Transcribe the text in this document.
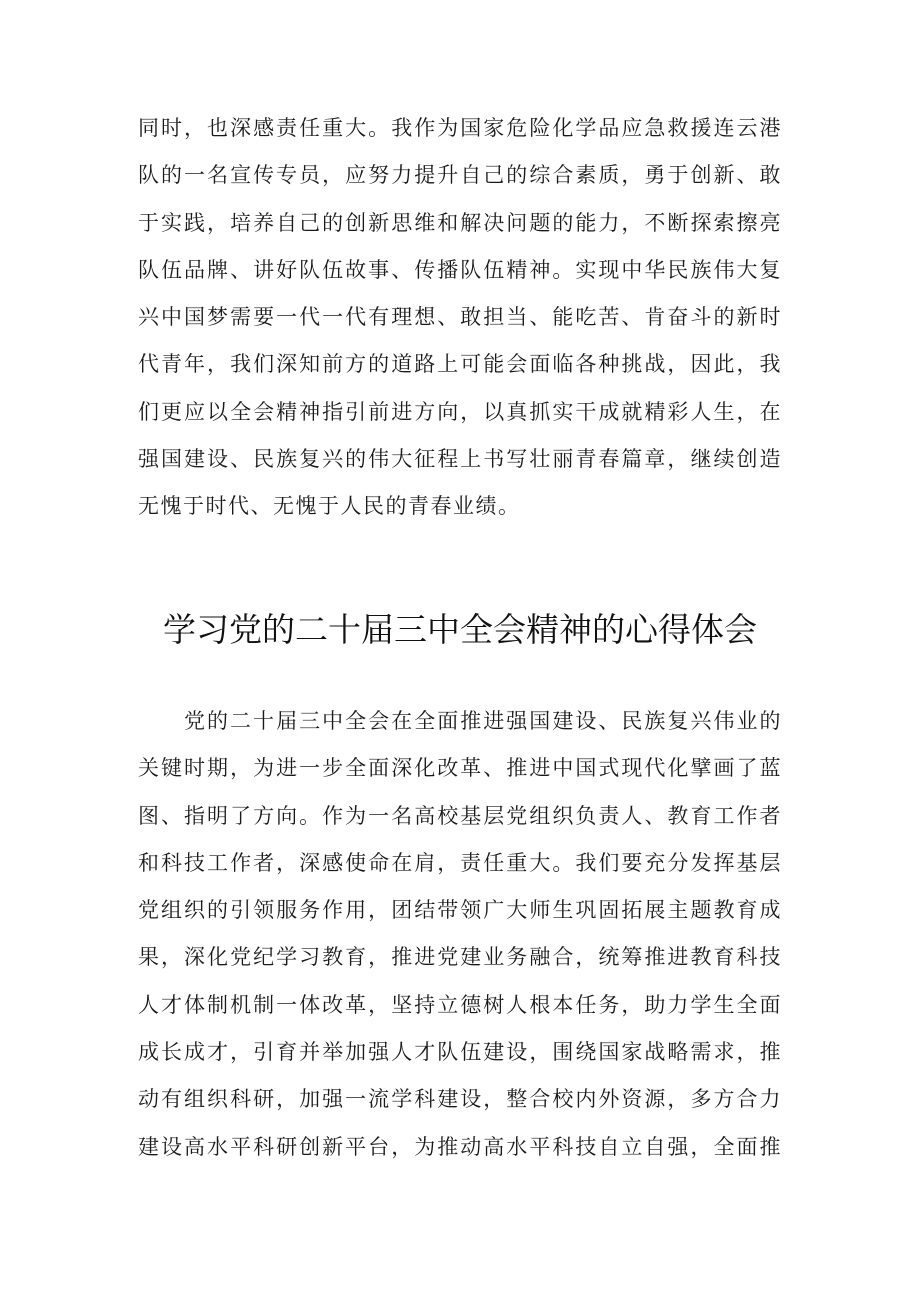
同时，也深感责任重大。我作为国家危险化学品应急救援连云港
队的一名宣传专员，应努力提升自己的综合素质，勇于创新、敢
于实践，培养自己的创新思维和解决问题的能力，不断探索擦亮
队伍品牌、讲好队伍故事、传播队伍精神。实现中华民族伟大复
兴中国梦需要一代一代有理想、敢担当、能吃苦、肯奋斗的新时
代青年，我们深知前方的道路上可能会面临各种挑战，因此，我
们更应以全会精神指引前进方向，以真抓实干成就精彩人生，在
强国建设、民族复兴的伟大征程上书写壮丽青春篇章，继续创造
无愧于时代、无愧于人民的青春业绩。
学习党的二十届三中全会精神的心得体会
党的二十届三中全会在全面推进强国建设、民族复兴伟业的
关键时期，为进一步全面深化改革、推进中国式现代化擘画了蓝
图、指明了方向。作为一名高校基层党组织负责人、教育工作者
和科技工作者，深感使命在肩，责任重大。我们要充分发挥基层
党组织的引领服务作用，团结带领广大师生巩固拓展主题教育成
果，深化党纪学习教育，推进党建业务融合，统筹推进教育科技
人才体制机制一体改革，坚持立德树人根本任务，助力学生全面
成长成才，引育并举加强人才队伍建设，围绕国家战略需求，推
动有组织科研，加强一流学科建设，整合校内外资源，多方合力
建设高水平科研创新平台，为推动高水平科技自立自强，全面推
